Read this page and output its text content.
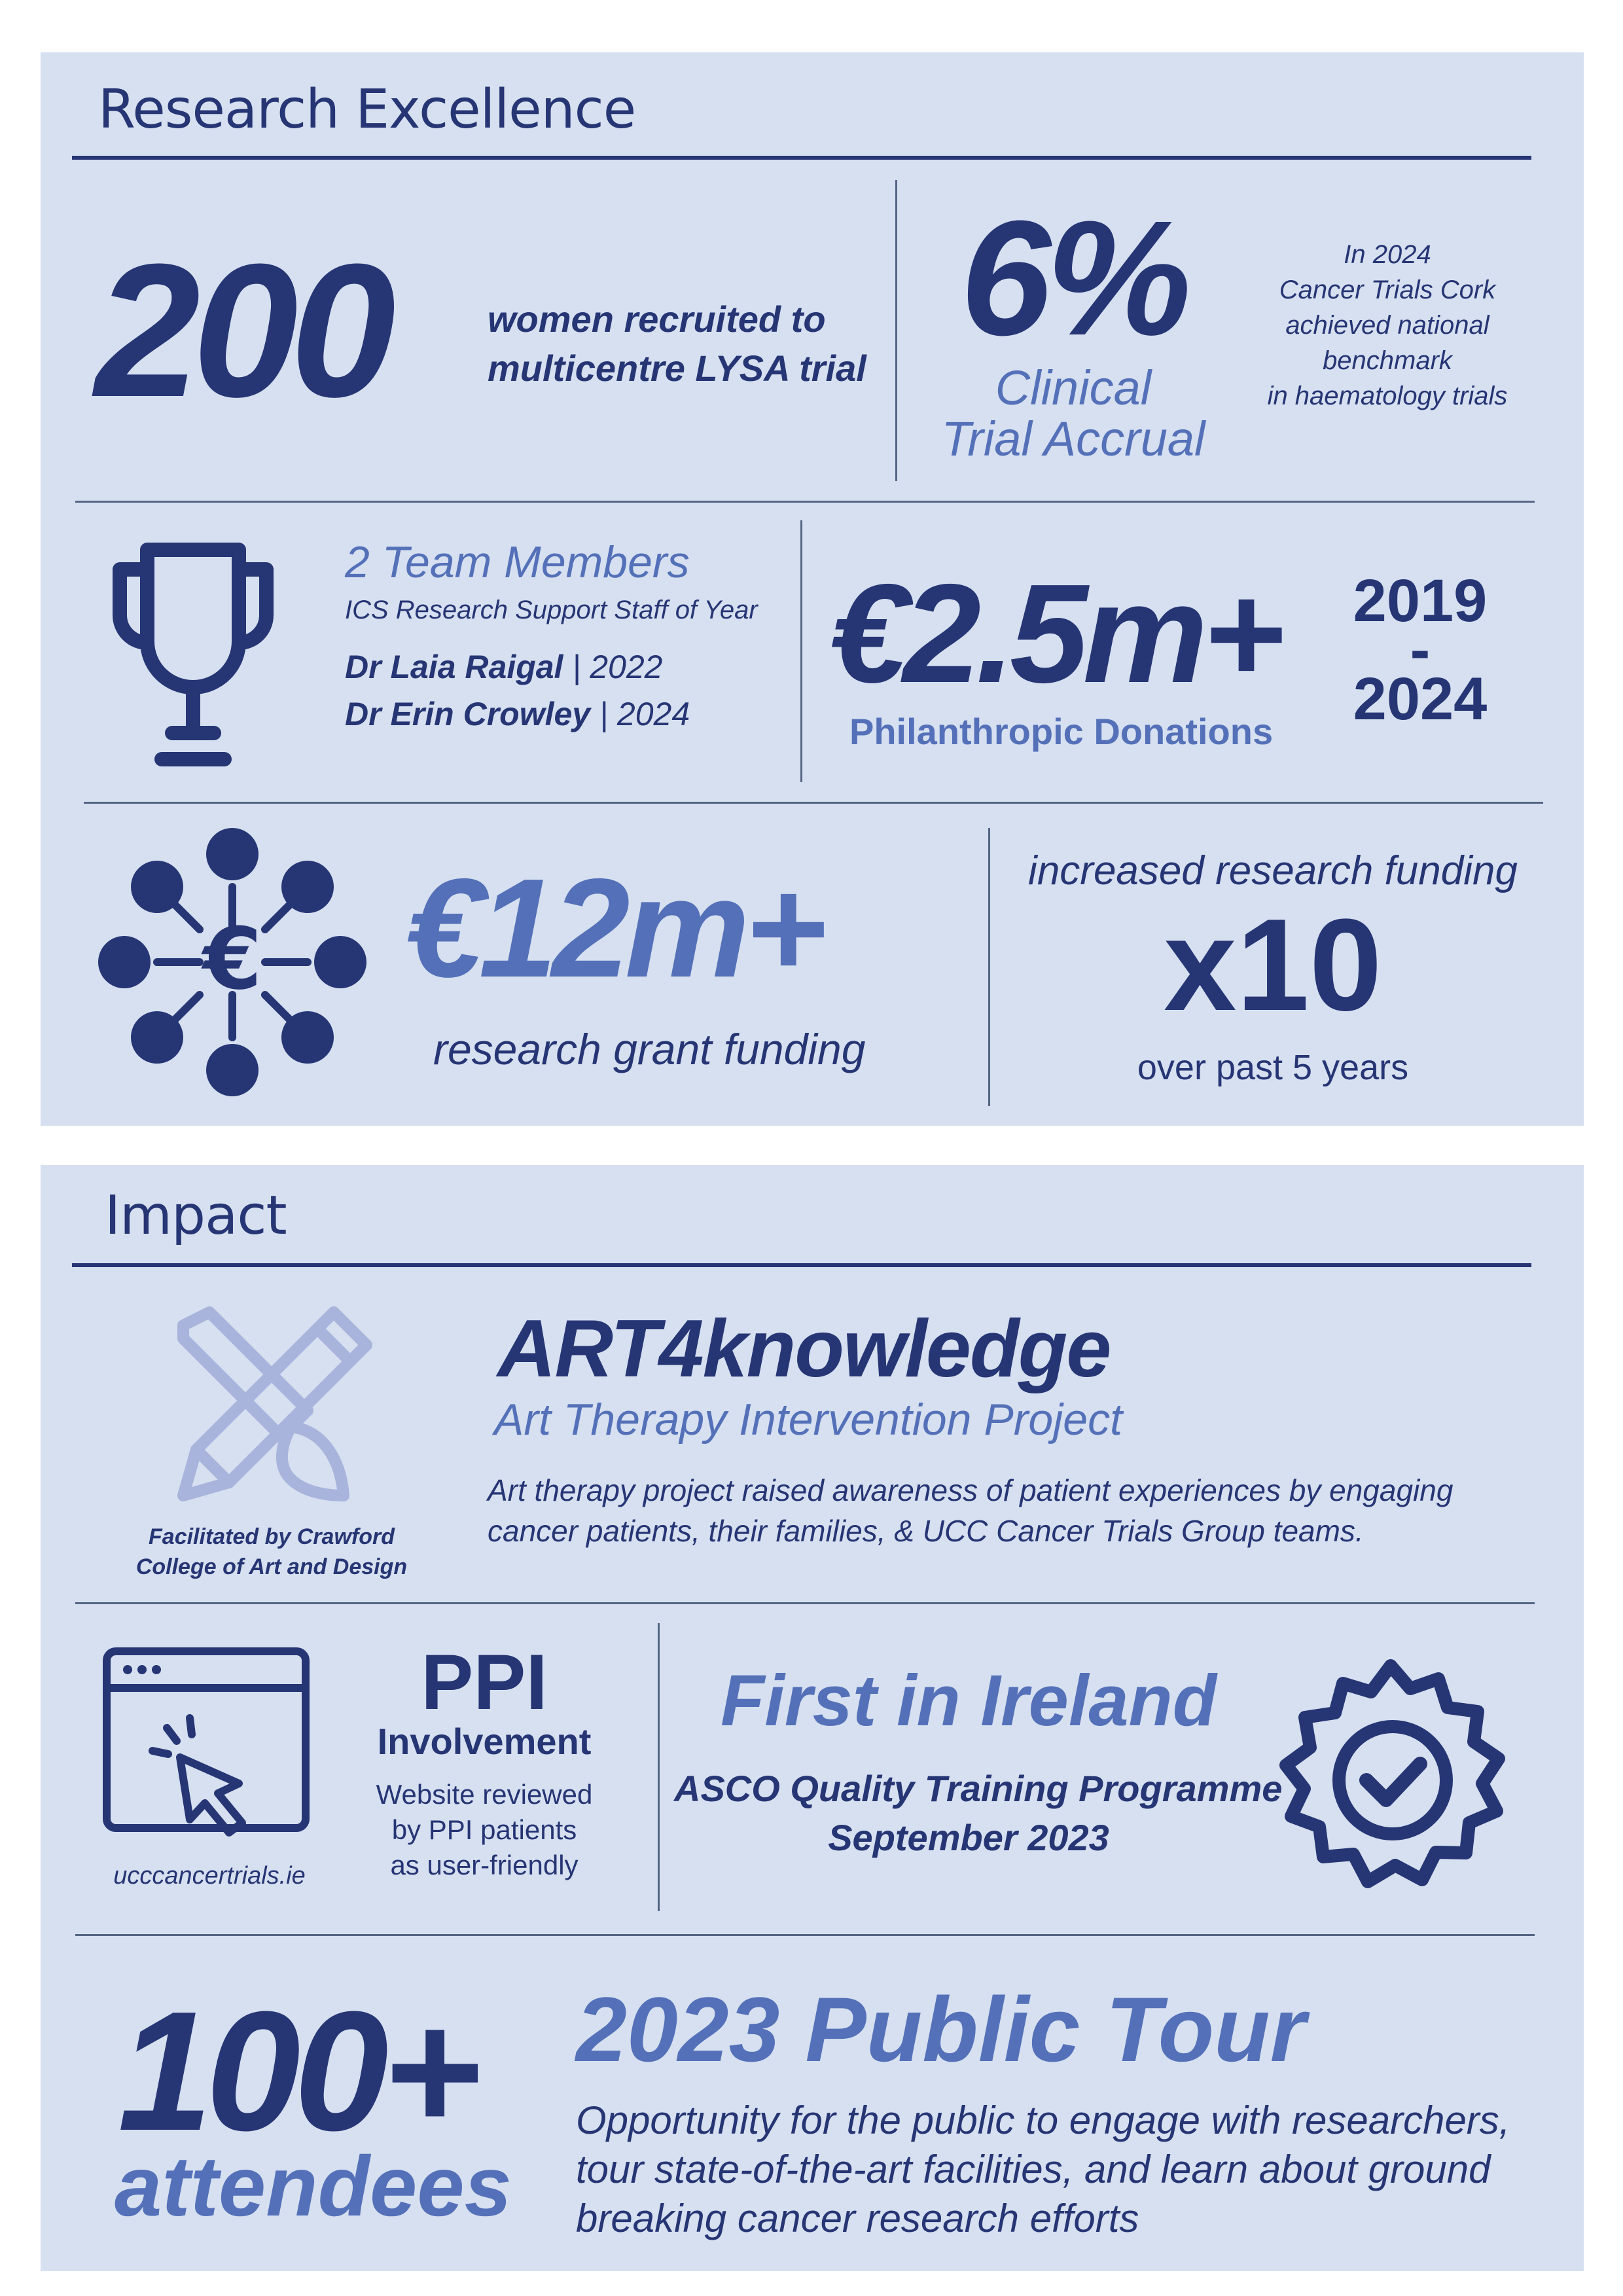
Research Excellence
200	women recruited to
multicentre LYSA trial 6%
Clinical
Trial Accrual
In 2024
Cancer Trials Cork
achieved national
benchmark
in haematology trials
2 Team Members
ICS Research Support Staff of Year
Dr Laia Raigal | 2022
Dr Erin Crowley | 2024
€2.5m+
Philanthropic Donations
2019
-
2024
€ €12m+
research grant funding
increased research funding
x10
over past 5 years
Impact
Facilitated by Crawford
College of Art and Design
ART4knowledge
Art Therapy Intervention Project
Art therapy project raised awareness of patient experiences by engaging
cancer patients, their families, & UCC Cancer Trials Group teams.
ucccancertrials.ie
PPI
Involvement
Website reviewed
by PPI patients
as user-friendly
First in Ireland
ASCO Quality Training Programme
September 2023
100+
attendees
2023 Public Tour
Opportunity for the public to engage with researchers,
tour state-of-the-art facilities, and learn about ground
breaking cancer research efforts
